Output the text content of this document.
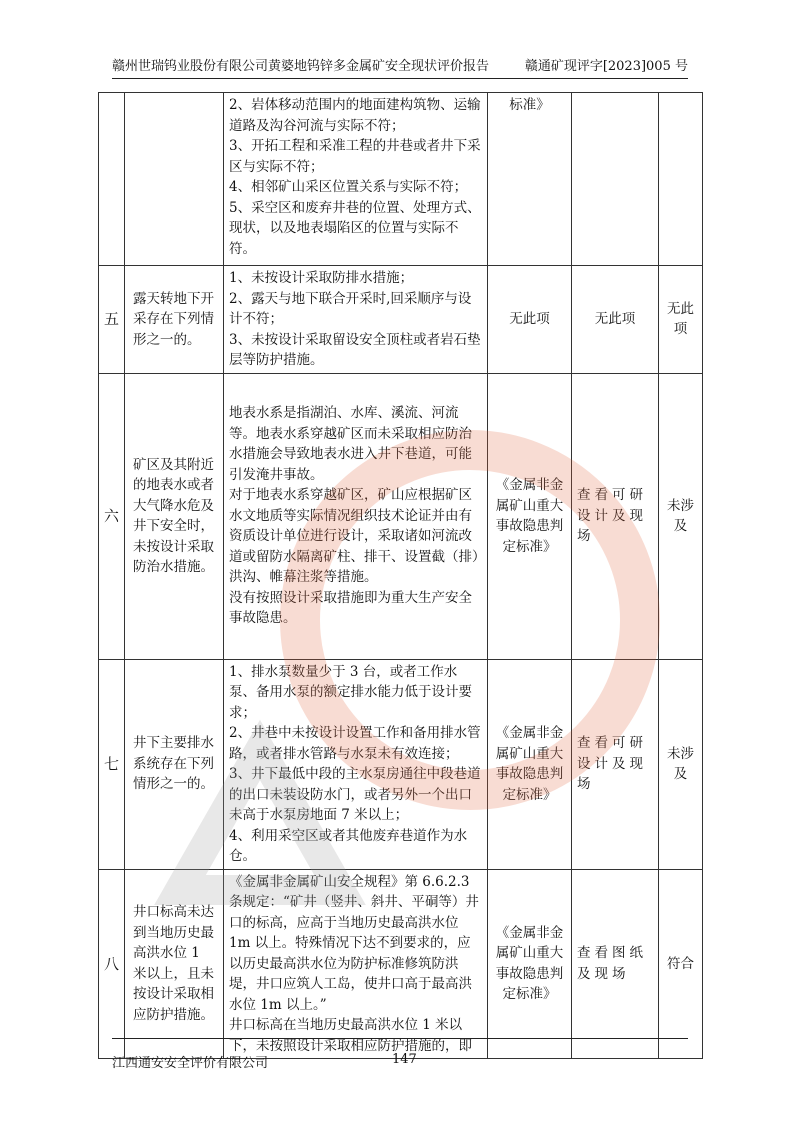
赣州世瑞钨业股份有限公司黄婆地钨锌多金属矿安全现状评价报告	赣通矿现评字[2023]005 号

		2、岩体移动范围内的地面建构筑物、运输道路及沟谷河流与实际不符；

3、开拓工程和采准工程的井巷或者井下采区与实际不符；

4、相邻矿山采区位置关系与实际不符；

5、采空区和废弃井巷的位置、处理方式、现状，以及地表塌陷区的位置与实际不符。	标准》		
五	露天转地下开采存在下列情形之一的。	1、未按设计采取防排水措施；

2、露天与地下联合开采时,回采顺序与设计不符；

3、未按设计采取留设安全顶柱或者岩石垫层等防护措施。	无此项	无此项	无此项
六	矿区及其附近的地表水或者大气降水危及井下安全时，未按设计采取防治水措施。	地表水系是指湖泊、水库、溪流、河流等。地表水系穿越矿区而未采取相应防治水措施会导致地表水进入井下巷道，可能引发淹井事故。

对于地表水系穿越矿区，矿山应根据矿区水文地质等实际情况组织技术论证并由有资质设计单位进行设计，采取诸如河流改道或留防水隔离矿柱、排干、设置截（排）洪沟、帷幕注浆等措施。

没有按照设计采取措施即为重大生产安全事故隐患。	《金属非金属矿山重大事故隐患判定标准》	查看可研设计及现场	未涉及
七	井下主要排水系统存在下列情形之一的。	1、排水泵数量少于 3 台，或者工作水泵、备用水泵的额定排水能力低于设计要求；

2、井巷中未按设计设置工作和备用排水管路，或者排水管路与水泵未有效连接；

3、井下最低中段的主水泵房通往中段巷道的出口未装设防水门，或者另外一个出口未高于水泵房地面 7 米以上；

4、利用采空区或者其他废弃巷道作为水仓。	《金属非金属矿山重大事故隐患判定标准》	查看可研设计及现场	未涉及
八	井口标高未达到当地历史最高洪水位 1 米以上，且未按设计采取相应防护措施。	《金属非金属矿山安全规程》第 6.6.2.3 条规定：“矿井（竖井、斜井、平硐等）井口的标高，应高于当地历史最高洪水位 1m 以上。特殊情况下达不到要求的，应以历史最高洪水位为防护标准修筑防洪堤，井口应筑人工岛，使井口高于最高洪水位 1m 以上。”

井口标高在当地历史最高洪水位 1 米以下，未按照设计采取相应防护措施的，即	《金属非金属矿山重大事故隐患判定标准》	查看图纸及现场	符合
江西通安安全评价有限公司	147
